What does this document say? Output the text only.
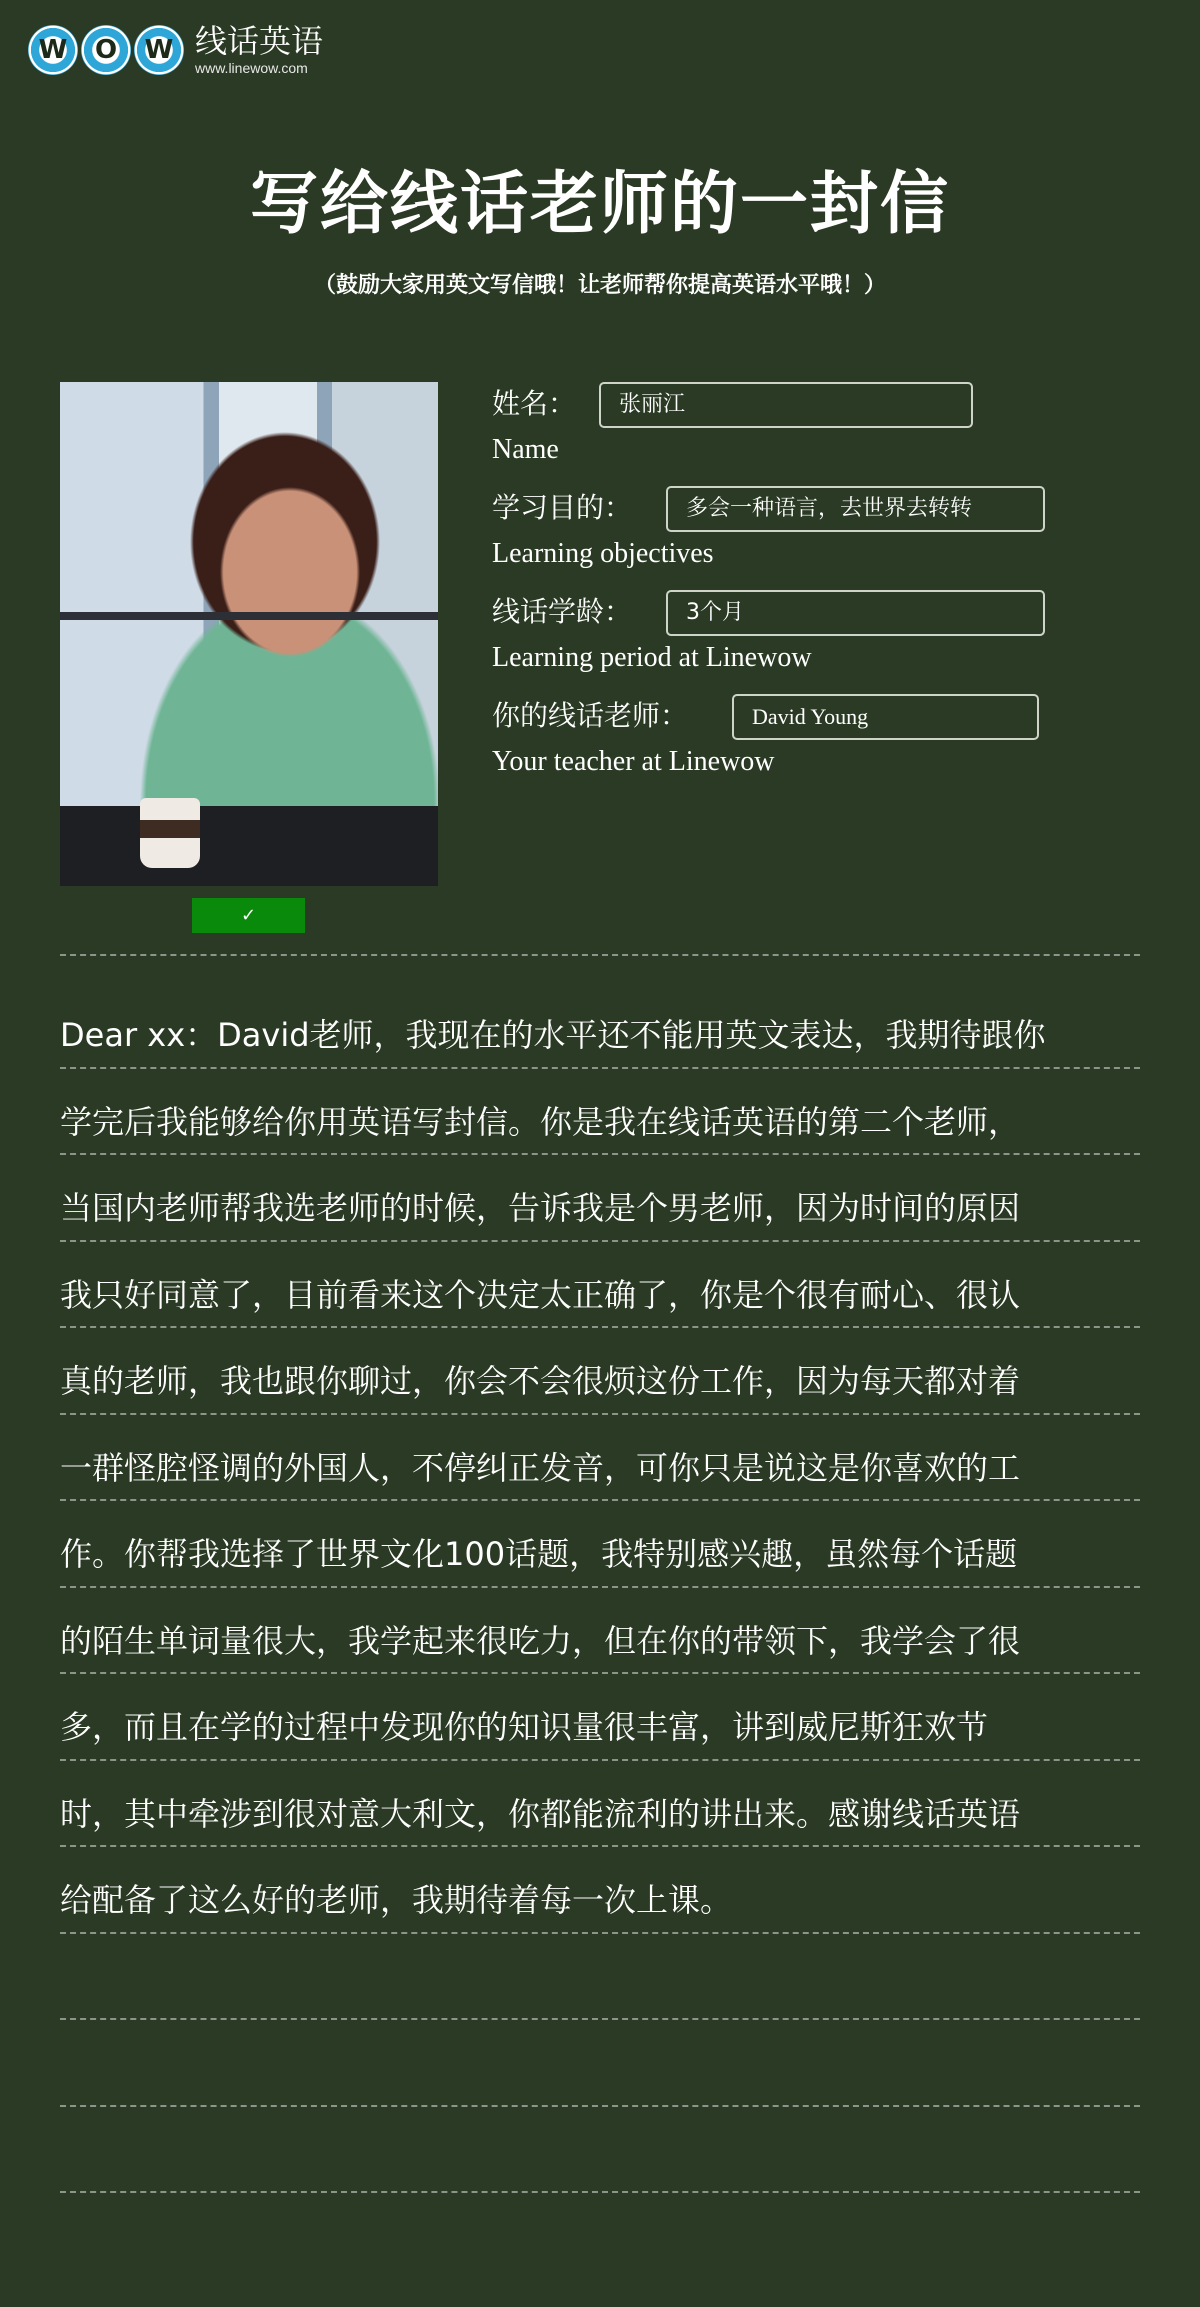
W	O	W 线话英语
www.linewow.com
写给线话老师的一封信

（鼓励大家用英文写信哦！让老师帮你提高英语水平哦！）

✓
姓名：	张丽江
Name
学习目的：	多会一种语言，去世界去转转
Learning objectives
线话学龄：	3个月
Learning period at Linewow
你的线话老师：	David Young
Your teacher at Linewow
Dear xx：David老师，我现在的水平还不能用英文表达，我期待跟你
学完后我能够给你用英语写封信。你是我在线话英语的第二个老师，
当国内老师帮我选老师的时候，告诉我是个男老师，因为时间的原因
我只好同意了，目前看来这个决定太正确了，你是个很有耐心、很认
真的老师，我也跟你聊过，你会不会很烦这份工作，因为每天都对着
一群怪腔怪调的外国人，不停纠正发音，可你只是说这是你喜欢的工
作。你帮我选择了世界文化100话题，我特别感兴趣，虽然每个话题
的陌生单词量很大，我学起来很吃力，但在你的带领下，我学会了很
多，而且在学的过程中发现你的知识量很丰富，讲到威尼斯狂欢节
时，其中牵涉到很对意大利文，你都能流利的讲出来。感谢线话英语
给配备了这么好的老师，我期待着每一次上课。
